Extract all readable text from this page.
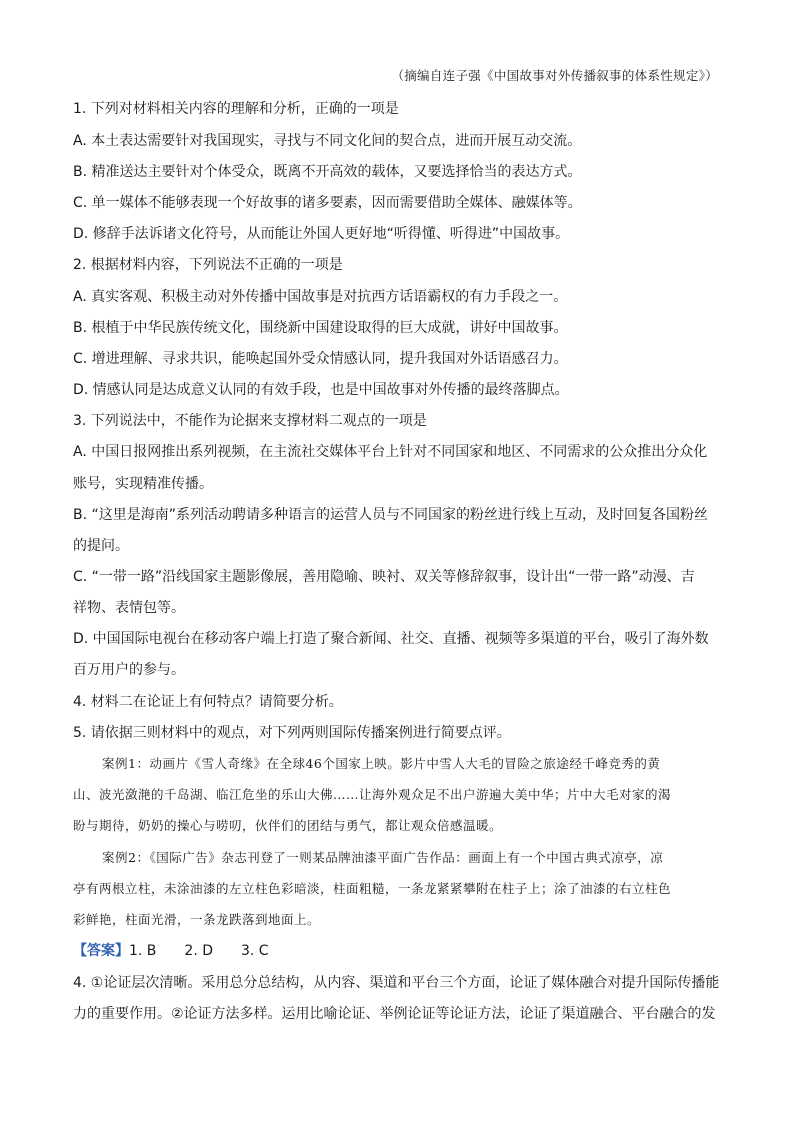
（摘编自连子强《中国故事对外传播叙事的体系性规定》）
1. 下列对材料相关内容的理解和分析，正确的一项是
A. 本土表达需要针对我国现实，寻找与不同文化间的契合点，进而开展互动交流。
B. 精准送达主要针对个体受众，既离不开高效的载体，又要选择恰当的表达方式。
C. 单一媒体不能够表现一个好故事的诸多要素，因而需要借助全媒体、融媒体等。
D. 修辞手法诉诸文化符号，从而能让外国人更好地“听得懂、听得进”中国故事。
2. 根据材料内容，下列说法不正确的一项是
A. 真实客观、积极主动对外传播中国故事是对抗西方话语霸权的有力手段之一。
B. 根植于中华民族传统文化，围绕新中国建设取得的巨大成就，讲好中国故事。
C. 增进理解、寻求共识，能唤起国外受众情感认同，提升我国对外话语感召力。
D. 情感认同是达成意义认同的有效手段，也是中国故事对外传播的最终落脚点。
3. 下列说法中，不能作为论据来支撑材料二观点的一项是
A. 中国日报网推出系列视频，在主流社交媒体平台上针对不同国家和地区、不同需求的公众推出分众化
账号，实现精准传播。
B. “这里是海南”系列活动聘请多种语言的运营人员与不同国家的粉丝进行线上互动，及时回复各国粉丝
的提问。
C. “一带一路”沿线国家主题影像展，善用隐喻、映衬、双关等修辞叙事，设计出“一带一路”动漫、吉
祥物、表情包等。
D. 中国国际电视台在移动客户端上打造了聚合新闻、社交、直播、视频等多渠道的平台，吸引了海外数
百万用户的参与。
4. 材料二在论证上有何特点？请简要分析。
5. 请依据三则材料中的观点，对下列两则国际传播案例进行简要点评。
案例1：动画片《雪人奇缘》在全球46个国家上映。影片中雪人大毛的冒险之旅途经千峰竞秀的黄
山、波光潋滟的千岛湖、临江危坐的乐山大佛……让海外观众足不出户游遍大美中华；片中大毛对家的渴
盼与期待，奶奶的操心与唠叨，伙伴们的团结与勇气，都让观众倍感温暖。
案例2：《国际广告》杂志刊登了一则某品牌油漆平面广告作品：画面上有一个中国古典式凉亭，凉
亭有两根立柱，未涂油漆的左立柱色彩暗淡，柱面粗糙，一条龙紧紧攀附在柱子上；涂了油漆的右立柱色
彩鲜艳，柱面光滑，一条龙跌落到地面上。
【答案】1. B　　2. D　　3. C
4. ①论证层次清晰。采用总分总结构，从内容、渠道和平台三个方面，论证了媒体融合对提升国际传播能
力的重要作用。②论证方法多样。运用比喻论证、举例论证等论证方法，论证了渠道融合、平台融合的发
